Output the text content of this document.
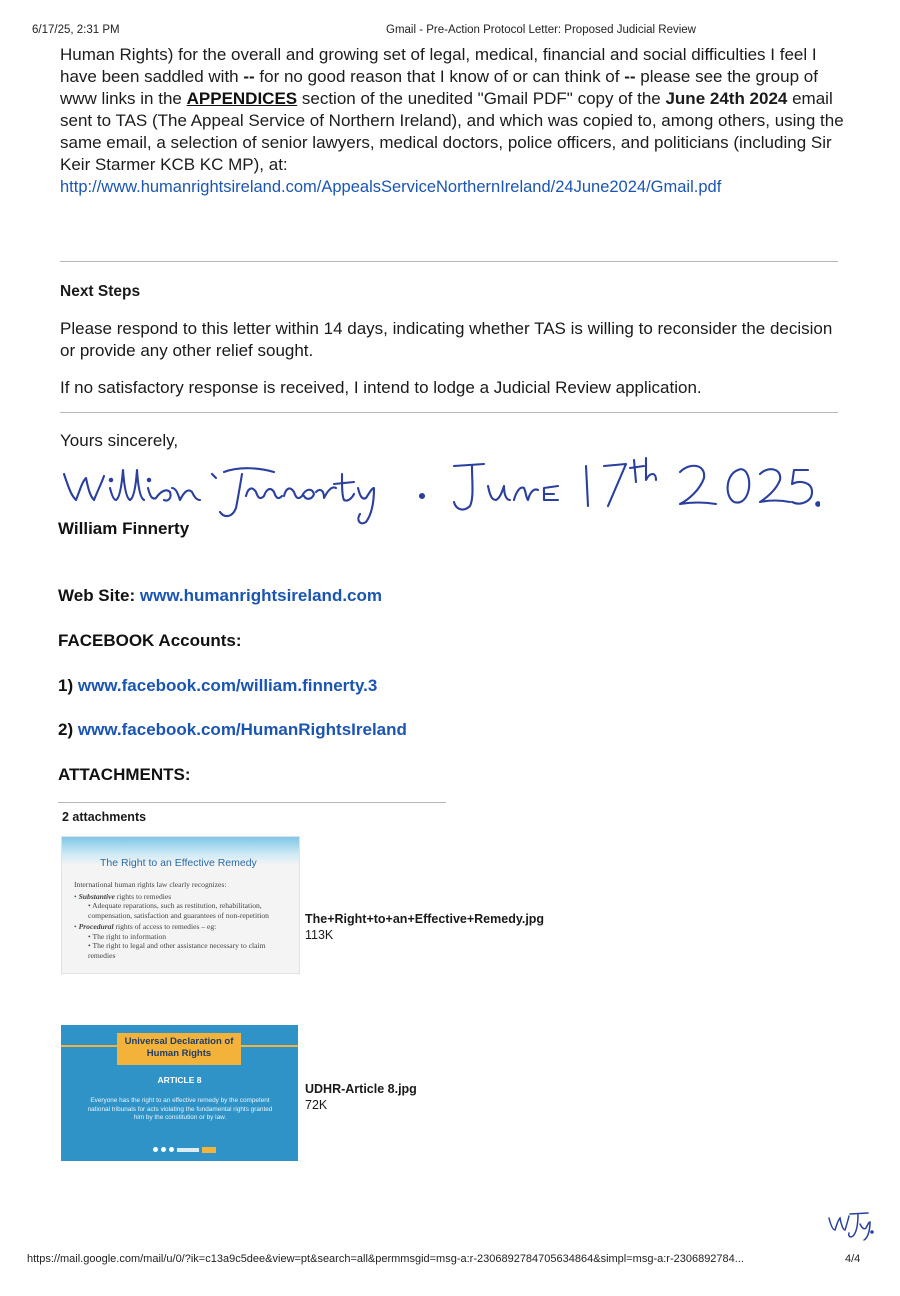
6/17/25, 2:31 PM	Gmail - Pre-Action Protocol Letter: Proposed Judicial Review
Human Rights) for the overall and growing set of legal, medical, financial and social difficulties I feel I have been saddled with -- for no good reason that I know of or can think of -- please see the group of www links in the APPENDICES section of the unedited "Gmail PDF" copy of the June 24th 2024 email sent to TAS (The Appeal Service of Northern Ireland), and which was copied to, among others, using the same email, a selection of senior lawyers, medical doctors, police officers, and politicians (including Sir Keir Starmer KCB KC MP), at:
http://www.humanrightsireland.com/AppealsServiceNorthernIreland/24June2024/Gmail.pdf
Next Steps
Please respond to this letter within 14 days, indicating whether TAS is willing to reconsider the decision or provide any other relief sought.
If no satisfactory response is received, I intend to lodge a Judicial Review application.
Yours sincerely,
William Finnerty
Web Site: www.humanrightsireland.com
FACEBOOK Accounts:
1) www.facebook.com/william.finnerty.3
2) www.facebook.com/HumanRightsIreland
ATTACHMENTS:
2 attachments
The Right to an Effective Remedy
International human rights law clearly recognizes:
• Substantive rights to remedies
• Adequate reparations, such as restitution, rehabilitation, compensation, satisfaction and guarantees of non-repetition
• Procedural rights of access to remedies – eg:
• The right to information
• The right to legal and other assistance necessary to claim remedies
The+Right+to+an+Effective+Remedy.jpg
113K
Universal Declaration of Human Rights
ARTICLE 8
Everyone has the right to an effective remedy by the competent national tribunals for acts violating the fundamental rights granted him by the constitution or by law.
UDHR-Article 8.jpg
72K
https://mail.google.com/mail/u/0/?ik=c13a9c5dee&view=pt&search=all&permmsgid=msg-a:r-2306892784705634864&simpl=msg-a:r-2306892784...	4/4
